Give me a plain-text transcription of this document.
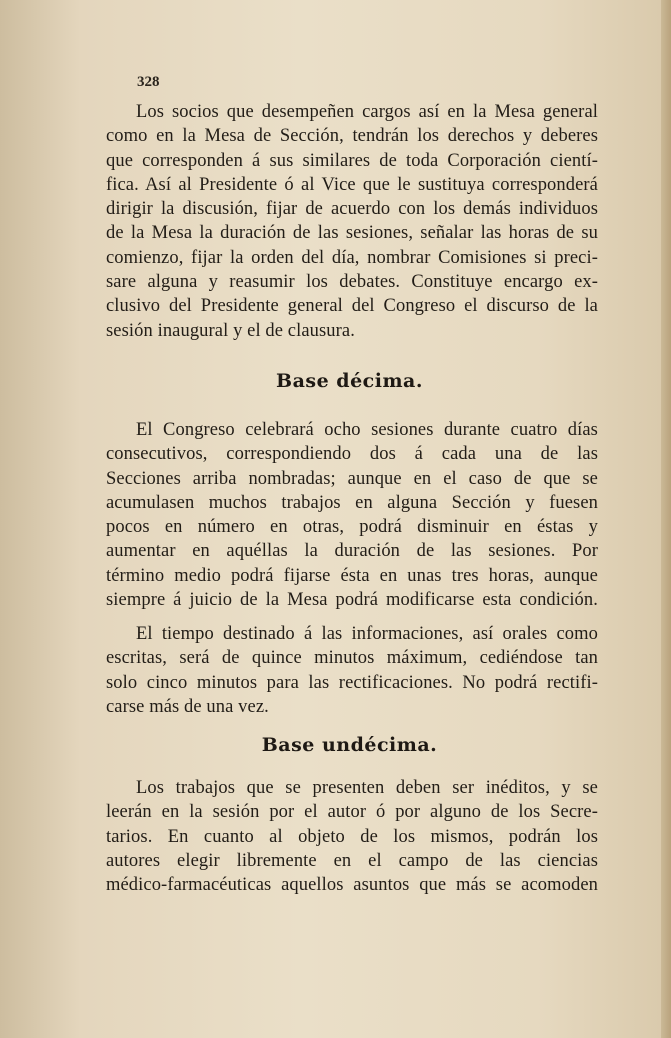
328
Los socios que desempeñen cargos así en la Mesa general
como en la Mesa de Sección, tendrán los derechos y deberes
que corresponden á sus similares de toda Corporación cientí-
fica. Así al Presidente ó al Vice que le sustituya corresponderá
dirigir la discusión, fijar de acuerdo con los demás individuos
de la Mesa la duración de las sesiones, señalar las horas de su
comienzo, fijar la orden del día, nombrar Comisiones si preci-
sare alguna y reasumir los debates. Constituye encargo ex-
clusivo del Presidente general del Congreso el discurso de la
sesión inaugural y el de clausura.
Base décima.
El Congreso celebrará ocho sesiones durante cuatro días
consecutivos, correspondiendo dos á cada una de las
Secciones arriba nombradas; aunque en el caso de que se
acumulasen muchos trabajos en alguna Sección y fuesen
pocos en número en otras, podrá disminuir en éstas y
aumentar en aquéllas la duración de las sesiones. Por
término medio podrá fijarse ésta en unas tres horas, aunque
siempre á juicio de la Mesa podrá modificarse esta condición.
El tiempo destinado á las informaciones, así orales como
escritas, será de quince minutos máximum, cediéndose tan
solo cinco minutos para las rectificaciones. No podrá rectifi-
carse más de una vez.
Base undécima.
Los trabajos que se presenten deben ser inéditos, y se
leerán en la sesión por el autor ó por alguno de los Secre-
tarios. En cuanto al objeto de los mismos, podrán los
autores elegir libremente en el campo de las ciencias
médico-farmacéuticas aquellos asuntos que más se acomoden
